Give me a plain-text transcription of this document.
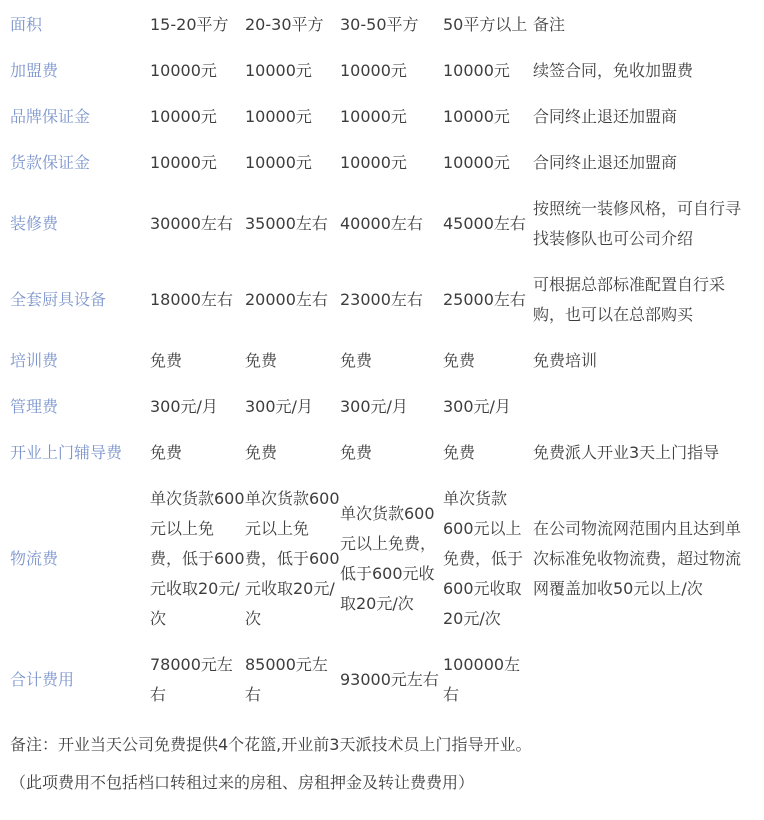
面积	15-20平方	20-30平方	30-50平方	50平方以上	备注
加盟费	10000元	10000元	10000元	10000元	续签合同，免收加盟费
品牌保证金	10000元	10000元	10000元	10000元	合同终止退还加盟商
货款保证金	10000元	10000元	10000元	10000元	合同终止退还加盟商
装修费	30000左右	35000左右	40000左右	45000左右	按照统一装修风格，可自行寻找装修队也可公司介绍
全套厨具设备	18000左右	20000左右	23000左右	25000左右	可根据总部标准配置自行采购，也可以在总部购买
培训费	免费	免费	免费	免费	免费培训
管理费	300元/月	300元/月	300元/月	300元/月	
开业上门辅导费	免费	免费	免费	免费	免费派人开业3天上门指导
物流费	单次货款600元以上免费，低于600元收取20元/次	单次货款600元以上免费，低于600元收取20元/次	单次货款600元以上免费，低于600元收取20元/次	单次货款600元以上免费，低于600元收取20元/次	在公司物流网范围内且达到单次标准免收物流费，超过物流网覆盖加收50元以上/次
合计费用	78000元左右	85000元左右	93000元左右	100000左右	

备注：开业当天公司免费提供4个花篮,开业前3天派技术员上门指导开业。

（此项费用不包括档口转租过来的房租、房租押金及转让费费用）
